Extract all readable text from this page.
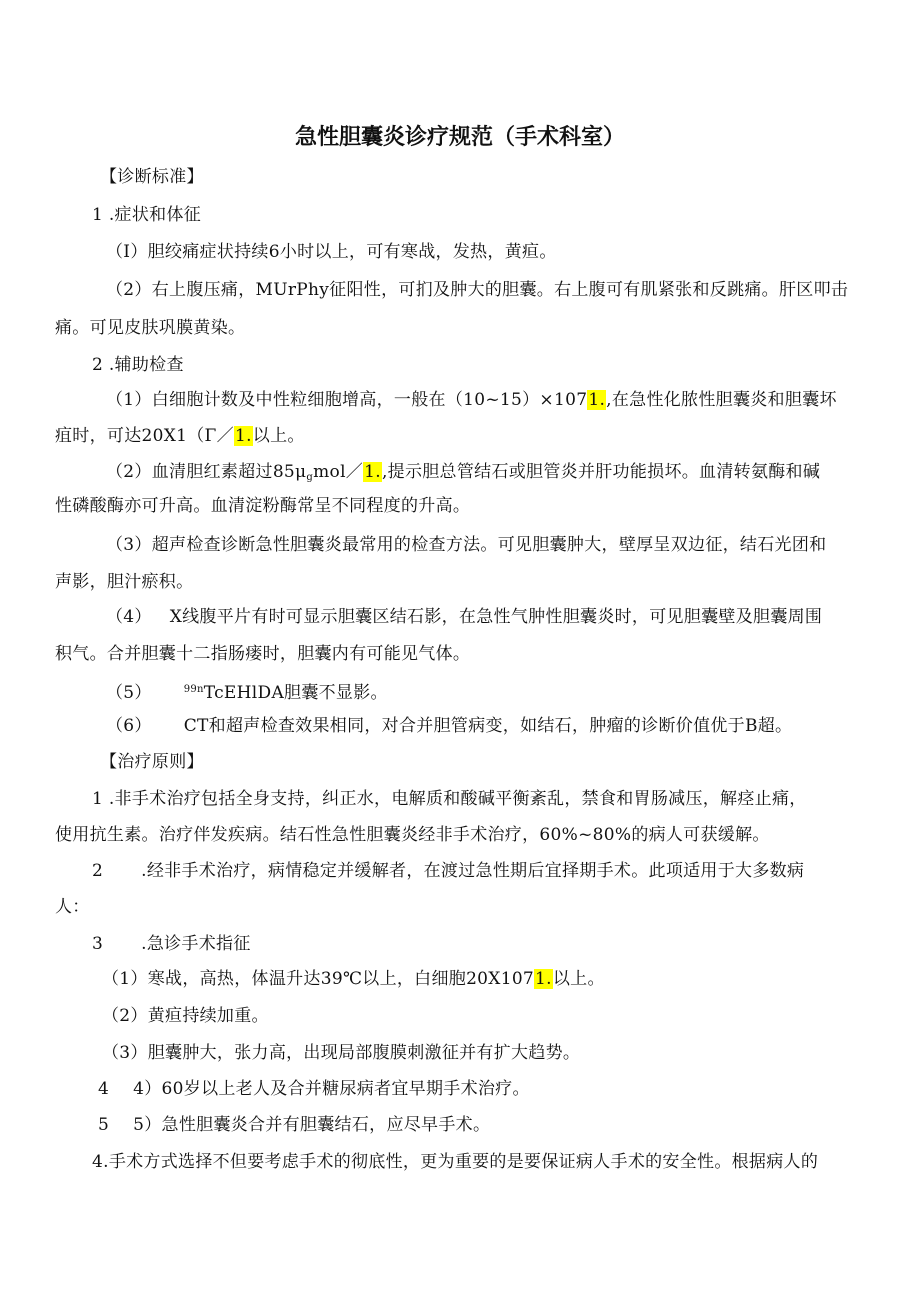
急性胆囊炎诊疗规范（手术科室）
【诊断标准】
1 .症状和体征
（I）胆绞痛症状持续6小时以上，可有寒战，发热，黄疸。
（2）右上腹压痛，MUrPhy征阳性，可扪及肿大的胆囊。右上腹可有肌紧张和反跳痛。肝区叩击
痛。可见皮肤巩膜黄染。
2 .辅助检查
（1）白细胞计数及中性粒细胞增高，一般在（10~15）×1071.,在急性化脓性胆囊炎和胆囊坏
疽时，可达20X1（Γ／1.以上。
（2）血清胆红素超过$85\mu_gmol/1$.,提示胆总管结石或胆管炎并肝功能损坏。血清转氨酶和碱
性磷酸酶亦可升高。血清淀粉酶常呈不同程度的升高。
（3）超声检查诊断急性胆囊炎最常用的检查方法。可见胆囊肿大，壁厚呈双边征，结石光团和
声影，胆汁瘀积。
（4） X线腹平片有时可显示胆囊区结石影，在急性气肿性胆囊炎时，可见胆囊壁及胆囊周围
积气。合并胆囊十二指肠瘘时，胆囊内有可能见气体。
（5）	$^{99n}$TcEHlDA胆囊不显影。
（6） CT和超声检查效果相同，对合并胆管病变，如结石，肿瘤的诊断价值优于B超。
【治疗原则】
1 .非手术治疗包括全身支持，纠正水，电解质和酸碱平衡紊乱，禁食和胃肠减压，解痉止痛，
使用抗生素。治疗伴发疾病。结石性急性胆囊炎经非手术治疗，60%~80%的病人可获缓解。
2 .经非手术治疗，病情稳定并缓解者，在渡过急性期后宜择期手术。此项适用于大多数病
人：
3 .急诊手术指征
（1）寒战，高热，体温升达39℃以上，白细胞20X1071.以上。
（2）黄疸持续加重。
（3）胆囊肿大，张力高，出现局部腹膜刺激征并有扩大趋势。
4 4）60岁以上老人及合并糖尿病者宜早期手术治疗。
5 5）急性胆囊炎合并有胆囊结石，应尽早手术。
4.手术方式选择不但要考虑手术的彻底性，更为重要的是要保证病人手术的安全性。根据病人的
